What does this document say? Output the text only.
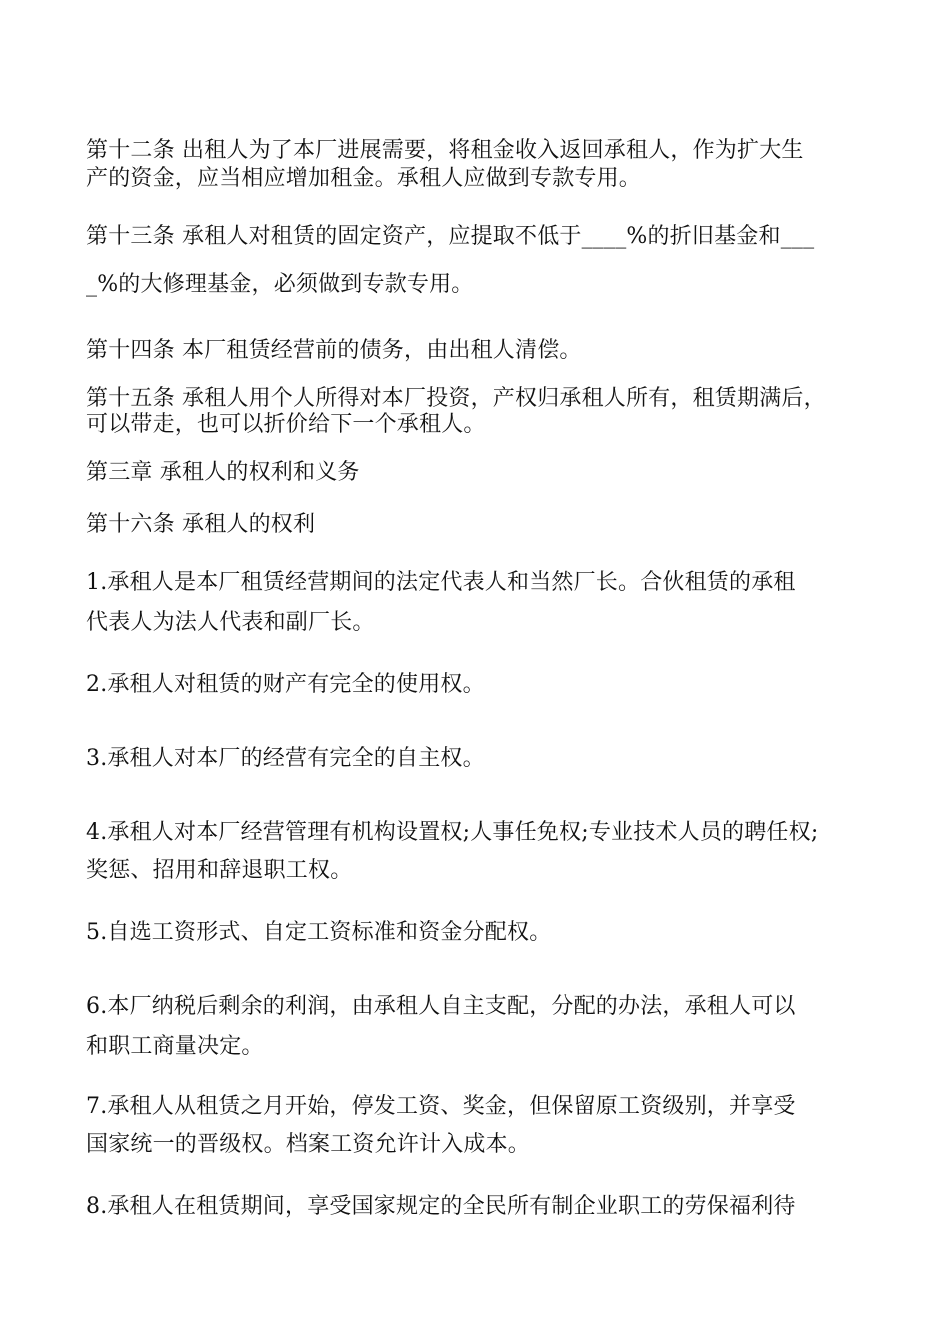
第十二条 出租人为了本厂进展需要，将租金收入返回承租人，作为扩大生
产的资金，应当相应增加租金。承租人应做到专款专用。
第十三条 承租人对租赁的固定资产，应提取不低于____%的折旧基金和___
_%的大修理基金，必须做到专款专用。
第十四条 本厂租赁经营前的债务，由出租人清偿。
第十五条 承租人用个人所得对本厂投资，产权归承租人所有，租赁期满后，
可以带走，也可以折价给下一个承租人。
第三章 承租人的权利和义务
第十六条 承租人的权利
1.承租人是本厂租赁经营期间的法定代表人和当然厂长。合伙租赁的承租
代表人为法人代表和副厂长。
2.承租人对租赁的财产有完全的使用权。
3.承租人对本厂的经营有完全的自主权。
4.承租人对本厂经营管理有机构设置权;人事任免权;专业技术人员的聘任权;
奖惩、招用和辞退职工权。
5.自选工资形式、自定工资标准和资金分配权。
6.本厂纳税后剩余的利润，由承租人自主支配，分配的办法，承租人可以
和职工商量决定。
7.承租人从租赁之月开始，停发工资、奖金，但保留原工资级别，并享受
国家统一的晋级权。档案工资允许计入成本。
8.承租人在租赁期间，享受国家规定的全民所有制企业职工的劳保福利待
